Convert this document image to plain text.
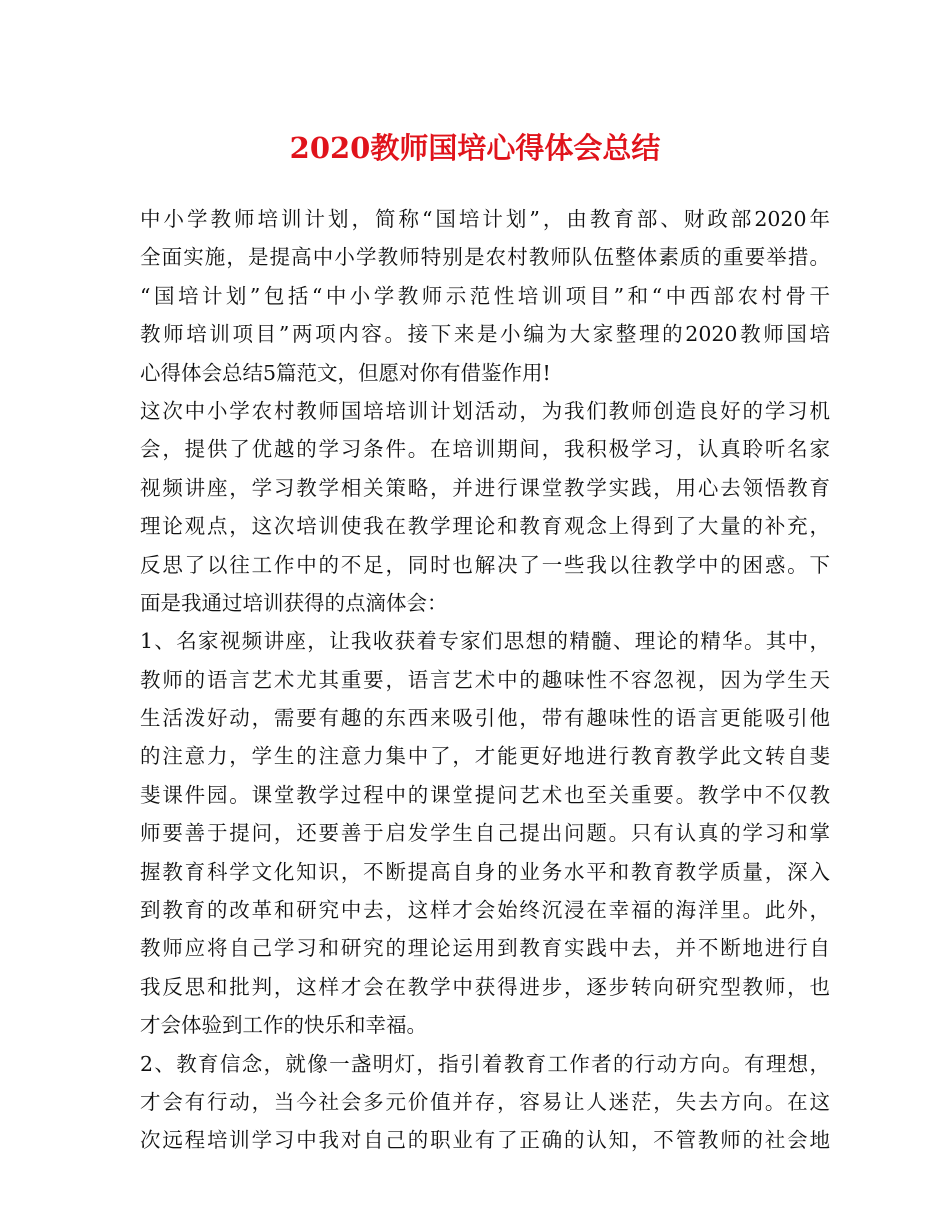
2020教师国培心得体会总结
中小学教师培训计划，简称“国培计划”，由教育部、财政部2020年
全面实施，是提高中小学教师特别是农村教师队伍整体素质的重要举措。
“国培计划”包括“中小学教师示范性培训项目”和“中西部农村骨干
教师培训项目”两项内容。接下来是小编为大家整理的2020教师国培
心得体会总结5篇范文，但愿对你有借鉴作用!
这次中小学农村教师国培培训计划活动，为我们教师创造良好的学习机
会，提供了优越的学习条件。在培训期间，我积极学习，认真聆听名家
视频讲座，学习教学相关策略，并进行课堂教学实践，用心去领悟教育
理论观点，这次培训使我在教学理论和教育观念上得到了大量的补充，
反思了以往工作中的不足，同时也解决了一些我以往教学中的困惑。下
面是我通过培训获得的点滴体会：
1、名家视频讲座，让我收获着专家们思想的精髓、理论的精华。其中，
教师的语言艺术尤其重要，语言艺术中的趣味性不容忽视，因为学生天
生活泼好动，需要有趣的东西来吸引他，带有趣味性的语言更能吸引他
的注意力，学生的注意力集中了，才能更好地进行教育教学此文转自斐
斐课件园。课堂教学过程中的课堂提问艺术也至关重要。教学中不仅教
师要善于提问，还要善于启发学生自己提出问题。只有认真的学习和掌
握教育科学文化知识，不断提高自身的业务水平和教育教学质量，深入
到教育的改革和研究中去，这样才会始终沉浸在幸福的海洋里。此外，
教师应将自己学习和研究的理论运用到教育实践中去，并不断地进行自
我反思和批判，这样才会在教学中获得进步，逐步转向研究型教师，也
才会体验到工作的快乐和幸福。
2、教育信念，就像一盏明灯，指引着教育工作者的行动方向。有理想，
才会有行动，当今社会多元价值并存，容易让人迷茫，失去方向。在这
次远程培训学习中我对自己的职业有了正确的认知，不管教师的社会地
